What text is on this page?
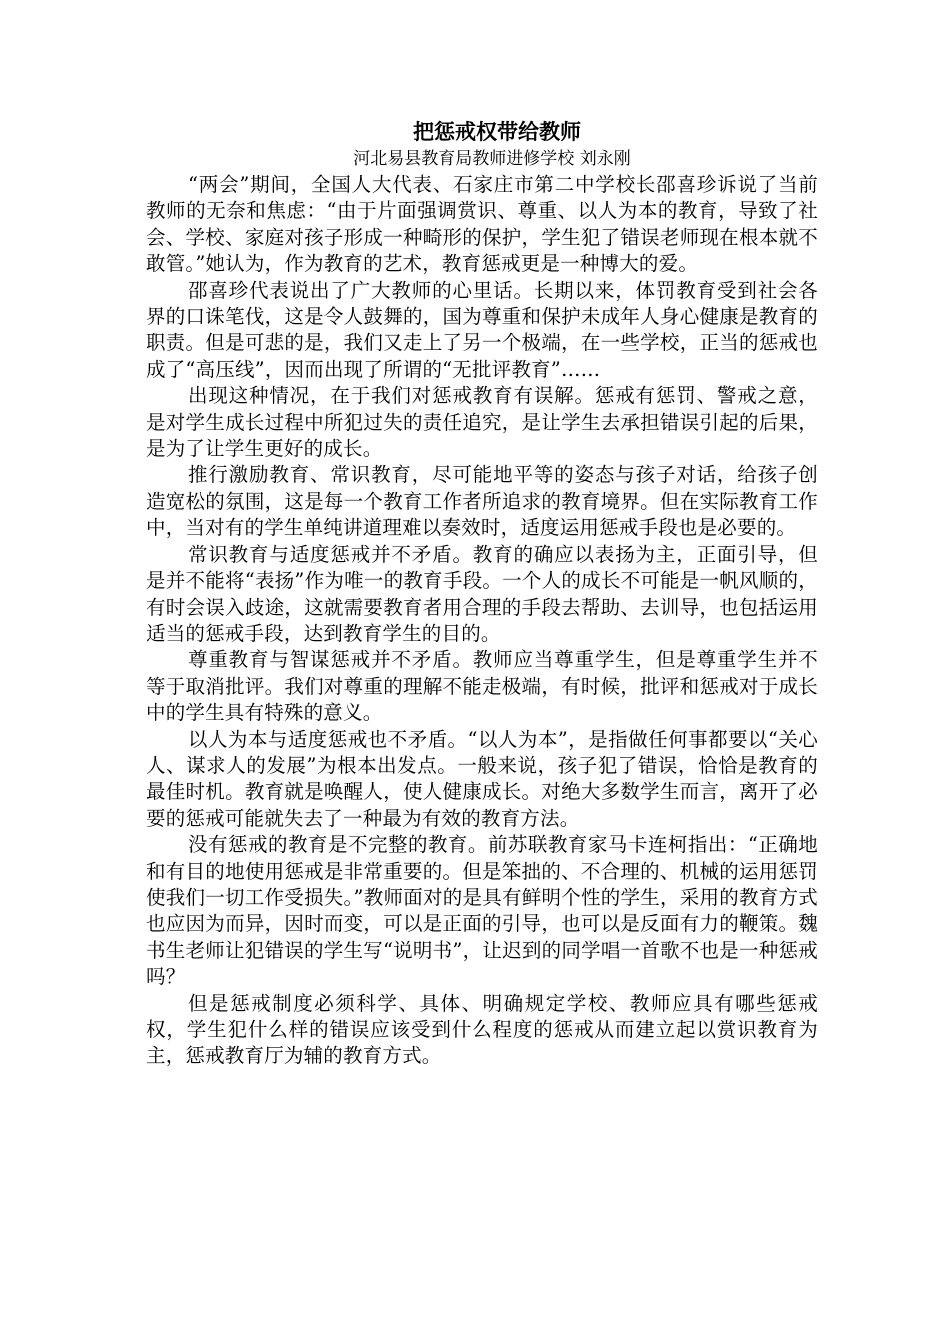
把惩戒权带给教师

河北易县教育局教师进修学校 刘永刚

“两会”期间，全国人大代表、石家庄市第二中学校长邵喜珍诉说了当前教师的无奈和焦虑：“由于片面强调赏识、尊重、以人为本的教育，导致了社会、学校、家庭对孩子形成一种畸形的保护，学生犯了错误老师现在根本就不敢管。”她认为，作为教育的艺术，教育惩戒更是一种博大的爱。

邵喜珍代表说出了广大教师的心里话。长期以来，体罚教育受到社会各界的口诛笔伐，这是令人鼓舞的，国为尊重和保护未成年人身心健康是教育的职责。但是可悲的是，我们又走上了另一个极端，在一些学校，正当的惩戒也成了“高压线”，因而出现了所谓的“无批评教育”……

出现这种情况，在于我们对惩戒教育有误解。惩戒有惩罚、警戒之意，是对学生成长过程中所犯过失的责任追究，是让学生去承担错误引起的后果，是为了让学生更好的成长。

推行激励教育、常识教育，尽可能地平等的姿态与孩子对话，给孩子创造宽松的氛围，这是每一个教育工作者所追求的教育境界。但在实际教育工作中，当对有的学生单纯讲道理难以奏效时，适度运用惩戒手段也是必要的。

常识教育与适度惩戒并不矛盾。教育的确应以表扬为主，正面引导，但是并不能将“表扬”作为唯一的教育手段。一个人的成长不可能是一帆风顺的，有时会误入歧途，这就需要教育者用合理的手段去帮助、去训导，也包括运用适当的惩戒手段，达到教育学生的目的。

尊重教育与智谋惩戒并不矛盾。教师应当尊重学生，但是尊重学生并不等于取消批评。我们对尊重的理解不能走极端，有时候，批评和惩戒对于成长中的学生具有特殊的意义。

以人为本与适度惩戒也不矛盾。“以人为本”，是指做任何事都要以“关心人、谋求人的发展”为根本出发点。一般来说，孩子犯了错误，恰恰是教育的最佳时机。教育就是唤醒人，使人健康成长。对绝大多数学生而言，离开了必要的惩戒可能就失去了一种最为有效的教育方法。

没有惩戒的教育是不完整的教育。前苏联教育家马卡连柯指出：“正确地和有目的地使用惩戒是非常重要的。但是笨拙的、不合理的、机械的运用惩罚使我们一切工作受损失。”教师面对的是具有鲜明个性的学生，采用的教育方式也应因为而异，因时而变，可以是正面的引导，也可以是反面有力的鞭策。魏书生老师让犯错误的学生写“说明书”，让迟到的同学唱一首歌不也是一种惩戒吗？

但是惩戒制度必须科学、具体、明确规定学校、教师应具有哪些惩戒权，学生犯什么样的错误应该受到什么程度的惩戒从而建立起以赏识教育为主，惩戒教育厅为辅的教育方式。
